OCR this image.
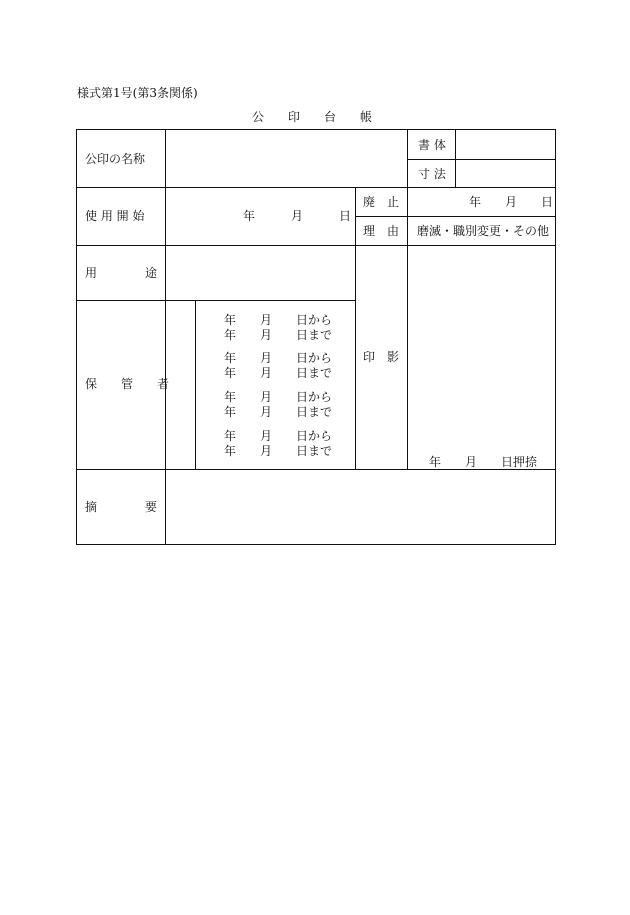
様式第1号(第3条関係)
公　　印　　台　　帳
公印の名称
書 体
寸 法
使 用 開 始	年　　　月　　　日
廃　止	年　　月　　日
理　由 磨滅・職別変更・その他
用　　　　途
保　　管　　者
印　影
年　　月　　日押捺
年　　月　　日から
年　　月　　日まで
年　　月　　日から
年　　月　　日まで
年　　月　　日から
年　　月　　日まで
年　　月　　日から
年　　月　　日まで
摘　　　　要
